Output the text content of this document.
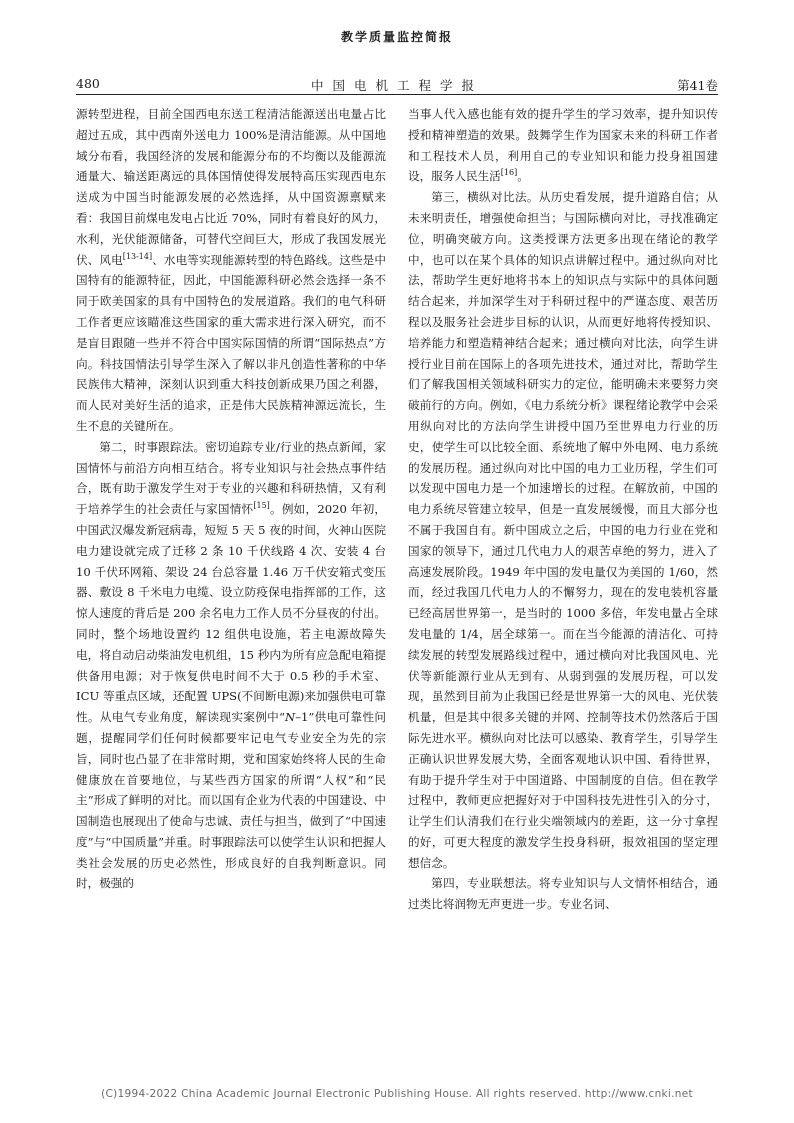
教学质量监控简报
中国电机工程学报
480	第41卷

源转型进程，目前全国西电东送工程清洁能源送出电量占比超过五成，其中西南外送电力 100%是清洁能源。从中国地域分布看，我国经济的发展和能源分布的不均衡以及能源流通量大、输送距离远的具体国情使得发展特高压实现西电东送成为中国当时能源发展的必然选择，从中国资源禀赋来看：我国目前煤电发电占比近 70%，同时有着良好的风力，水利，光伏能源储备，可替代空间巨大，形成了我国发展光伏、风电[13-14]、水电等实现能源转型的特色路线。这些是中国特有的能源特征，因此，中国能源科研必然会选择一条不同于欧美国家的具有中国特色的发展道路。我们的电气科研工作者更应该瞄准这些国家的重大需求进行深入研究，而不是盲目跟随一些并不符合中国实际国情的所谓“国际热点”方向。科技国情法引导学生深入了解以非凡创造性著称的中华民族伟大精神，深刻认识到重大科技创新成果乃国之利器，而人民对美好生活的追求，正是伟大民族精神源远流长，生生不息的关键所在。

第二，时事跟踪法。密切追踪专业/行业的热点新闻，家国情怀与前沿方向相互结合。将专业知识与社会热点事件结合，既有助于激发学生对于专业的兴趣和科研热情，又有利于培养学生的社会责任与家国情怀[15]。例如，2020 年初，中国武汉爆发新冠病毒，短短 5 天 5 夜的时间，火神山医院电力建设就完成了迁移 2 条 10 千伏线路 4 次、安装 4 台 10 千伏环网箱、架设 24 台总容量 1.46 万千伏安箱式变压器、敷设 8 千米电力电缆、设立防疫保电指挥部的工作，这惊人速度的背后是 200 余名电力工作人员不分昼夜的付出。同时，整个场地设置约 12 组供电设施，若主电源故障失电，将自动启动柴油发电机组，15 秒内为所有应急配电箱提供备用电源；对于恢复供电时间不大于 0.5 秒的手术室、ICU 等重点区域，还配置 UPS(不间断电源)来加强供电可靠性。从电气专业角度，解读现实案例中“N–1”供电可靠性问题，提醒同学们任何时候都要牢记电气专业安全为先的宗旨，同时也凸显了在非常时期，党和国家始终将人民的生命健康放在首要地位，与某些西方国家的所谓“人权”和“民主”形成了鲜明的对比。而以国有企业为代表的中国建设、中国制造也展现出了使命与忠诚、责任与担当，做到了“中国速度”与“中国质量”并重。时事跟踪法可以使学生认识和把握人类社会发展的历史必然性，形成良好的自我判断意识。同时，极强的

当事人代入感也能有效的提升学生的学习效率，提升知识传授和精神塑造的效果。鼓舞学生作为国家未来的科研工作者和工程技术人员，利用自己的专业知识和能力投身祖国建设，服务人民生活[16]。

第三，横纵对比法。从历史看发展，提升道路自信；从未来明责任，增强使命担当；与国际横向对比，寻找准确定位，明确突破方向。这类授课方法更多出现在绪论的教学中，也可以在某个具体的知识点讲解过程中。通过纵向对比法，帮助学生更好地将书本上的知识点与实际中的具体问题结合起来，并加深学生对于科研过程中的严谨态度、艰苦历程以及服务社会进步目标的认识，从而更好地将传授知识、培养能力和塑造精神结合起来；通过横向对比法，向学生讲授行业目前在国际上的各项先进技术，通过对比，帮助学生们了解我国相关领域科研实力的定位，能明确未来要努力突破前行的方向。例如，《电力系统分析》课程绪论教学中会采用纵向对比的方法向学生讲授中国乃至世界电力行业的历史，使学生可以比较全面、系统地了解中外电网、电力系统的发展历程。通过纵向对比中国的电力工业历程，学生们可以发现中国电力是一个加速增长的过程。在解放前，中国的电力系统尽管建立较早，但是一直发展缓慢，而且大部分也不属于我国自有。新中国成立之后，中国的电力行业在党和国家的领导下，通过几代电力人的艰苦卓绝的努力，进入了高速发展阶段。1949 年中国的发电量仅为美国的 1/60，然而，经过我国几代电力人的不懈努力，现在的发电装机容量已经高居世界第一，是当时的 1000 多倍，年发电量占全球发电量的 1/4，居全球第一。而在当今能源的清洁化、可持续发展的转型发展路线过程中，通过横向对比我国风电、光伏等新能源行业从无到有、从弱到强的发展历程，可以发现，虽然到目前为止我国已经是世界第一大的风电、光伏装机量，但是其中很多关键的并网、控制等技术仍然落后于国际先进水平。横纵向对比法可以感染、教育学生，引导学生正确认识世界发展大势，全面客观地认识中国、看待世界，有助于提升学生对于中国道路、中国制度的自信。但在教学过程中，教师更应把握好对于中国科技先进性引入的分寸，让学生们认清我们在行业尖端领域内的差距，这一分寸拿捏的好，可更大程度的激发学生投身科研，报效祖国的坚定理想信念。

第四，专业联想法。将专业知识与人文情怀相结合，通过类比将润物无声更进一步。专业名词、

(C)1994-2022 China Academic Journal Electronic Publishing House. All rights reserved. http://www.cnki.net
